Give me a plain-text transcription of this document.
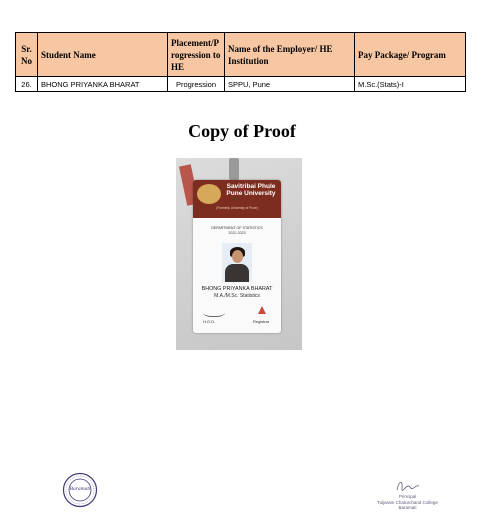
Sr. No	Student Name	Placement/P rogression to HE	Name of the Employer/ HE Institution	Pay Package/ Program
26.	BHONG PRIYANKA BHARAT	Progression	SPPU, Pune	M.Sc.(Stats)-I
Copy of Proof
Savitribai Phule Pune University
(Formerly University of Pune)
DEPARTMENT OF STATISTICS
2022-2023
BHONG PRIYANKA BHARAT
M.A./M.Sc. Statistics
H.O.D.	Registrar
Baramati
Principal
Tuljaram Chaturchand College
Baramati
